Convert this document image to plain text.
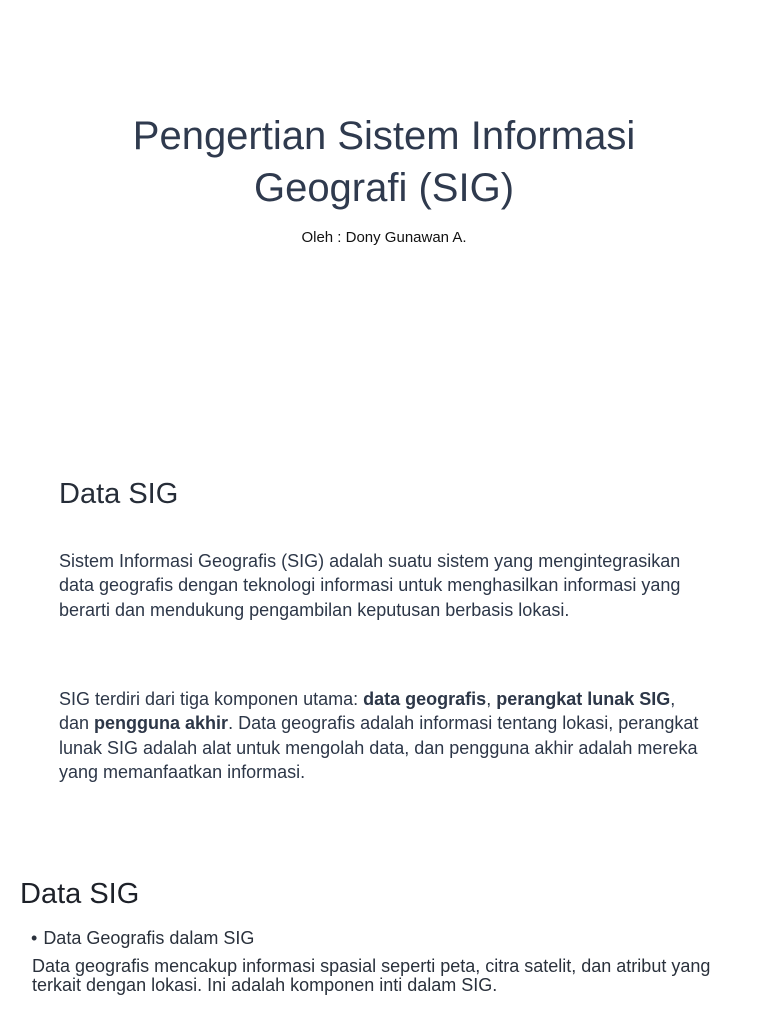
Pengertian Sistem Informasi
Geografi (SIG)
Oleh : Dony Gunawan A.
Data SIG

Sistem Informasi Geografis (SIG) adalah suatu sistem yang mengintegrasikan data geografis dengan teknologi informasi untuk menghasilkan informasi yang berarti dan mendukung pengambilan keputusan berbasis lokasi.

SIG terdiri dari tiga komponen utama: data geografis, perangkat lunak SIG, dan pengguna akhir. Data geografis adalah informasi tentang lokasi, perangkat lunak SIG adalah alat untuk mengolah data, dan pengguna akhir adalah mereka yang memanfaatkan informasi.

Data SIG
• Data Geografis dalam SIG

Data geografis mencakup informasi spasial seperti peta, citra satelit, dan atribut yang terkait dengan lokasi. Ini adalah komponen inti dalam SIG.
